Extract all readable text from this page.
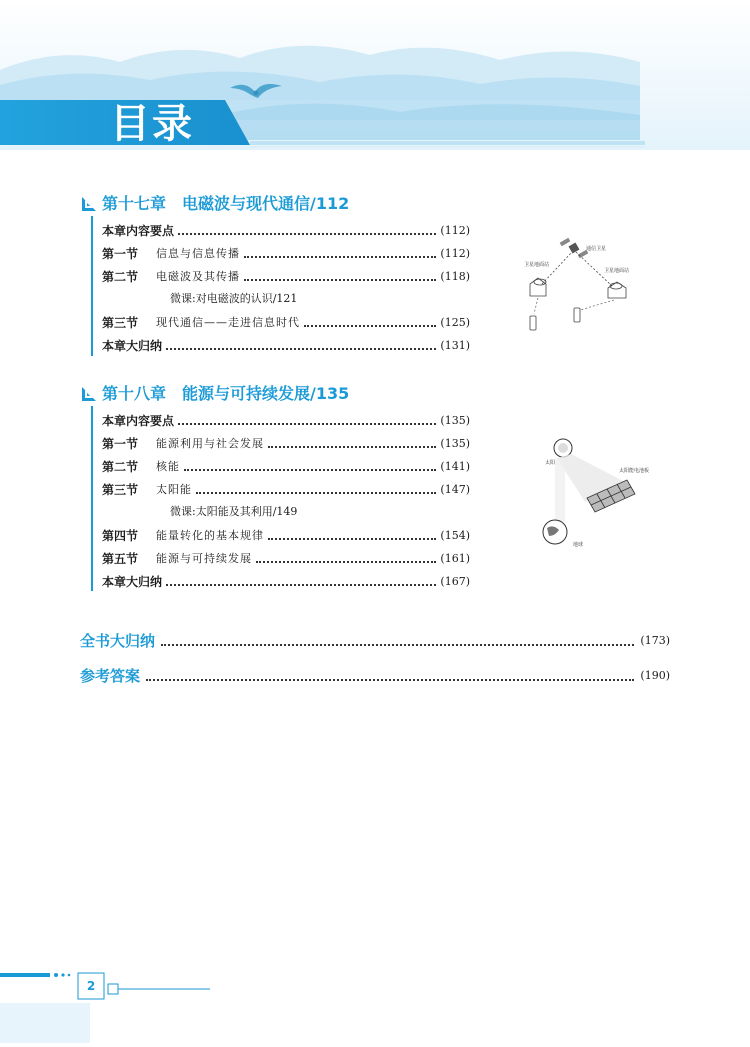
目录
第十七章　电磁波与现代通信/112
本章内容要点	(112)
第一节	信息与信息传播	(112)
第二节	电磁波及其传播	(118)
微课:对电磁波的认识/121
第三节	现代通信——走进信息时代	(125)
本章大归纳	(131)
第十八章　能源与可持续发展/135
本章内容要点	(135)
第一节	能源利用与社会发展	(135)
第二节	核能	(141)
第三节	太阳能	(147)
微课:太阳能及其利用/149
第四节	能量转化的基本规律	(154)
第五节	能源与可持续发展	(161)
本章大归纳	(167)
全书大归纳	(173)
参考答案	(190)
通信卫星
卫星地面站
卫星地面站
太阳
太阳能电池板
地球
2
